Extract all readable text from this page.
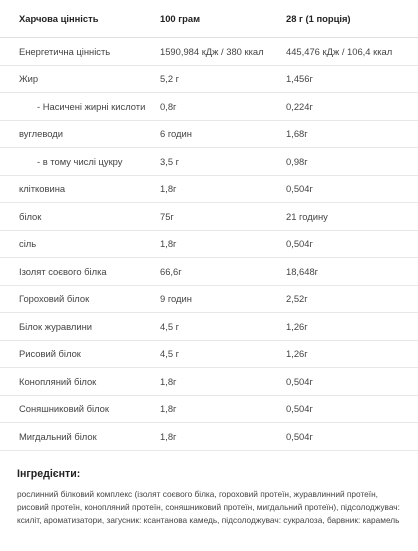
Харчова цінність	100 грам	28 г (1 порція)
Енергетична цінність	1590,984 кДж / 380 ккал	445,476 кДж / 106,4 ккал
Жир	5,2 г	1,456г
- Насичені жирні кислоти	0,8г	0,224г
вуглеводи	6 годин	1,68г
- в тому числі цукру	3,5 г	0,98г
клітковина	1,8г	0,504г
білок	75г	21 годину
сіль	1,8г	0,504г
Ізолят соєвого білка	66,6г	18,648г
Гороховий білок	9 годин	2,52г
Білок журавлини	4,5 г	1,26г
Рисовий білок	4,5 г	1,26г
Конопляний білок	1,8г	0,504г
Соняшниковий білок	1,8г	0,504г
Мигдальний білок	1,8г	0,504г

Інгредієнти:

рослинний білковий комплекс (ізолят соєвого білка, гороховий протеїн, журавлинний протеїн, рисовий протеїн, конопляний протеїн, соняшниковий протеїн, мигдальний протеїн), підсолоджувач: ксиліт, ароматизатори, загусник: ксантанова камедь, підсолоджувач: сукралоза, барвник: карамель
